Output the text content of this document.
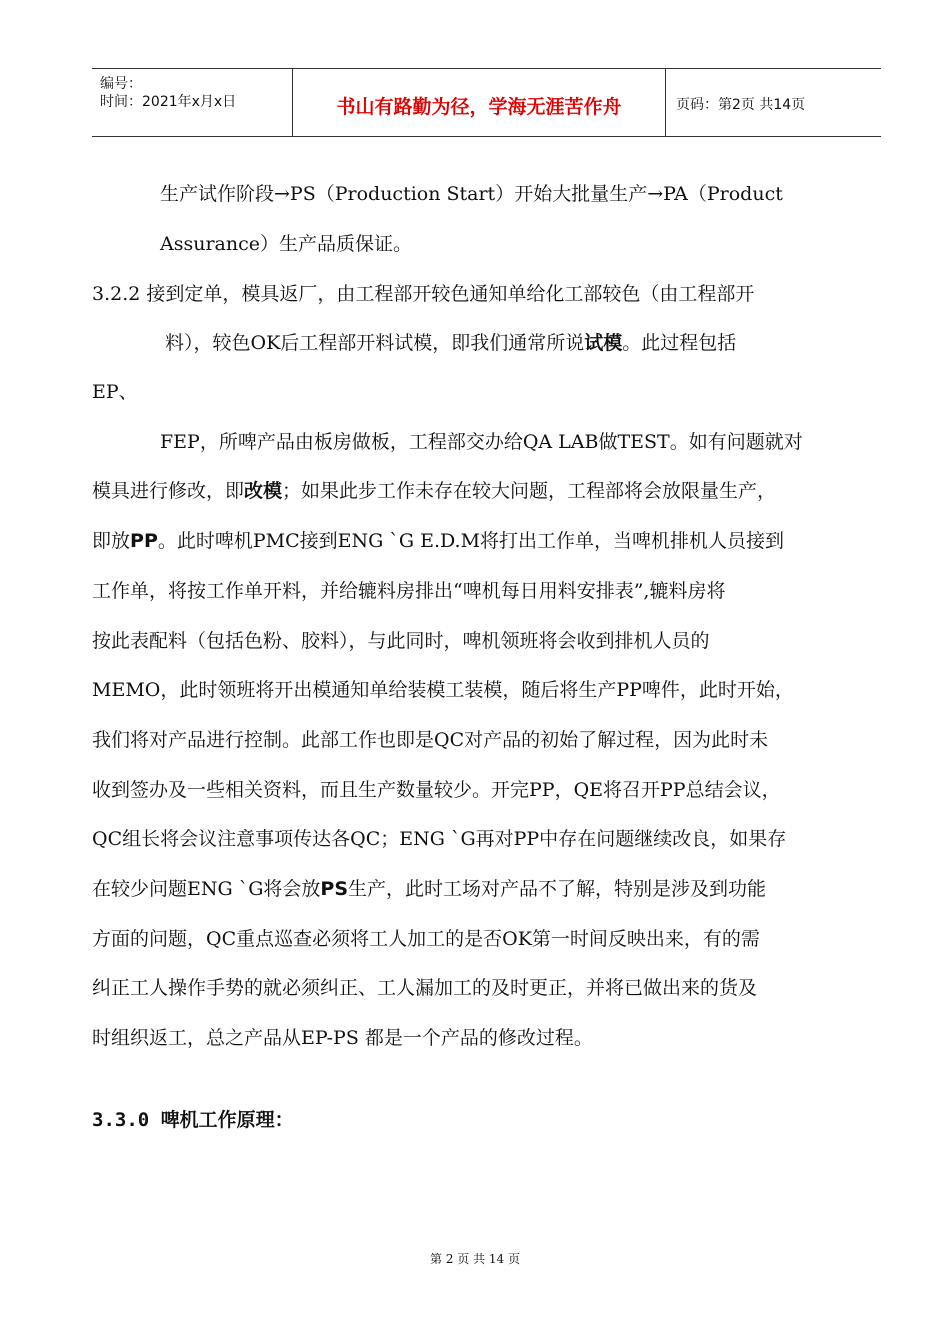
编号：
时间：2021年x月x日	书山有路勤为径，学海无涯苦作舟	页码：第2页 共14页
生产试作阶段→PS（Production Start）开始大批量生产→PA（Product
Assurance）生产品质保证。
3.2.2 接到定单，模具返厂，由工程部开较色通知单给化工部较色（由工程部开
料），较色OK后工程部开料试模，即我们通常所说试模。此过程包括
EP、
FEP，所啤产品由板房做板，工程部交办给QA LAB做TEST。如有问题就对
模具进行修改，即改模；如果此步工作未存在较大问题，工程部将会放限量生产，
即放PP。此时啤机PMC接到ENG `G E.D.M将打出工作单，当啤机排机人员接到
工作单，将按工作单开料，并给辘料房排出“啤机每日用料安排表”,辘料房将
按此表配料（包括色粉、胶料），与此同时，啤机领班将会收到排机人员的
MEMO，此时领班将开出模通知单给装模工装模，随后将生产PP啤件，此时开始，
我们将对产品进行控制。此部工作也即是QC对产品的初始了解过程，因为此时未
收到签办及一些相关资料，而且生产数量较少。开完PP，QE将召开PP总结会议，
QC组长将会议注意事项传达各QC；ENG `G再对PP中存在问题继续改良，如果存
在较少问题ENG `G将会放PS生产，此时工场对产品不了解，特别是涉及到功能
方面的问题，QC重点巡查必须将工人加工的是否OK第一时间反映出来，有的需
纠正工人操作手势的就必须纠正、工人漏加工的及时更正，并将已做出来的货及
时组织返工，总之产品从EP-PS 都是一个产品的修改过程。
3.3.0 啤机工作原理：
第 2 页 共 14 页
